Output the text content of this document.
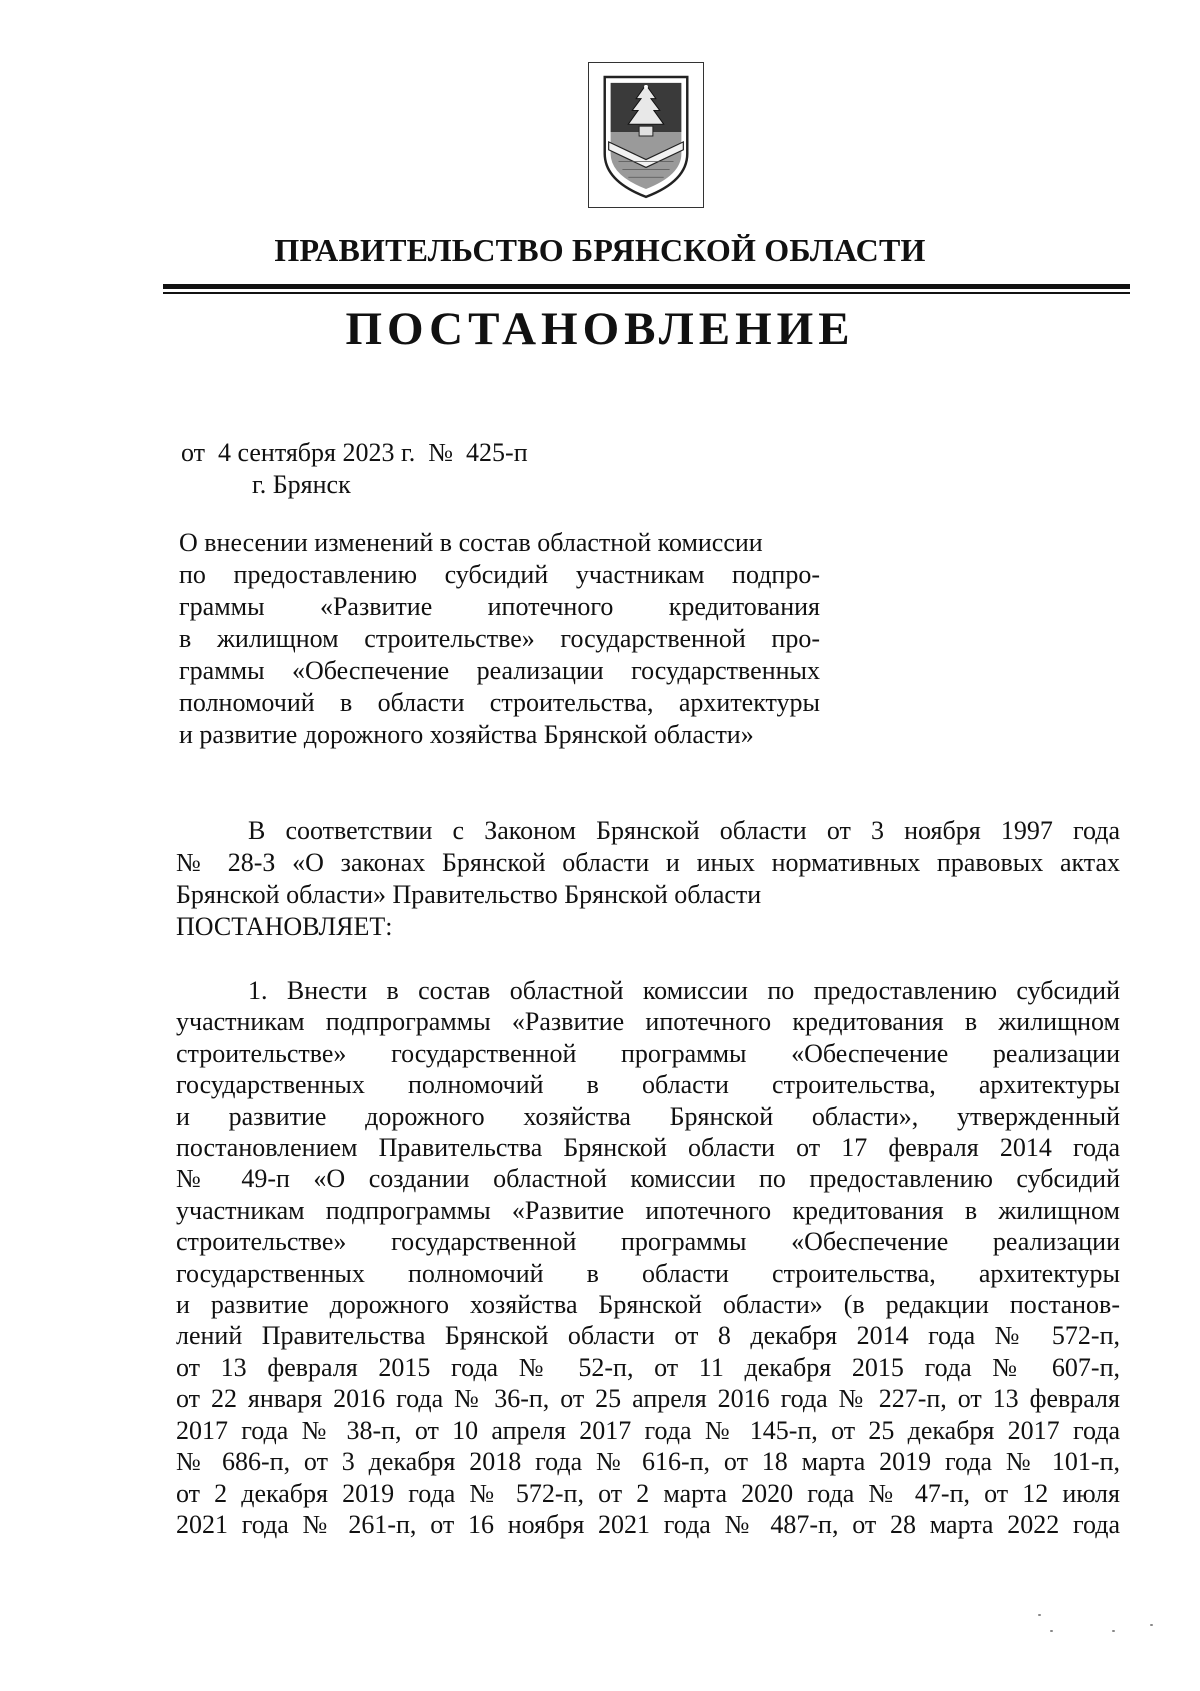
ПРАВИТЕЛЬСТВО БРЯНСКОЙ ОБЛАСТИ
ПОСТАНОВЛЕНИЕ
от  4 сентября 2023 г.  №  425-п
г. Брянск
О внесении изменений в состав областной комиссии
по предоставлению субсидий участникам подпро-
граммы «Развитие ипотечного кредитования
в жилищном строительстве» государственной про-
граммы «Обеспечение реализации государственных
полномочий в области строительства, архитектуры
и развитие дорожного хозяйства Брянской области»
В соответствии с Законом Брянской области от 3 ноября 1997 года
№ 28-З «О законах Брянской области и иных нормативных правовых актах
Брянской области» Правительство Брянской области
ПОСТАНОВЛЯЕТ:
1. Внести в состав областной комиссии по предоставлению субсидий
участникам подпрограммы «Развитие ипотечного кредитования в жилищном
строительстве» государственной программы «Обеспечение реализации
государственных полномочий в области строительства, архитектуры
и развитие дорожного хозяйства Брянской области», утвержденный
постановлением Правительства Брянской области от 17 февраля 2014 года
№ 49-п «О создании областной комиссии по предоставлению субсидий
участникам подпрограммы «Развитие ипотечного кредитования в жилищном
строительстве» государственной программы «Обеспечение реализации
государственных полномочий в области строительства, архитектуры
и развитие дорожного хозяйства Брянской области» (в редакции постанов-
лений Правительства Брянской области от 8 декабря 2014 года № 572-п,
от 13 февраля 2015 года № 52-п, от 11 декабря 2015 года № 607-п,
от 22 января 2016 года № 36-п, от 25 апреля 2016 года № 227-п, от 13 февраля
2017 года № 38-п, от 10 апреля 2017 года № 145-п, от 25 декабря 2017 года
№ 686-п, от 3 декабря 2018 года № 616-п, от 18 марта 2019 года № 101-п,
от 2 декабря 2019 года № 572-п, от 2 марта 2020 года № 47-п, от 12 июля
2021 года № 261-п, от 16 ноября 2021 года № 487-п, от 28 марта 2022 года
